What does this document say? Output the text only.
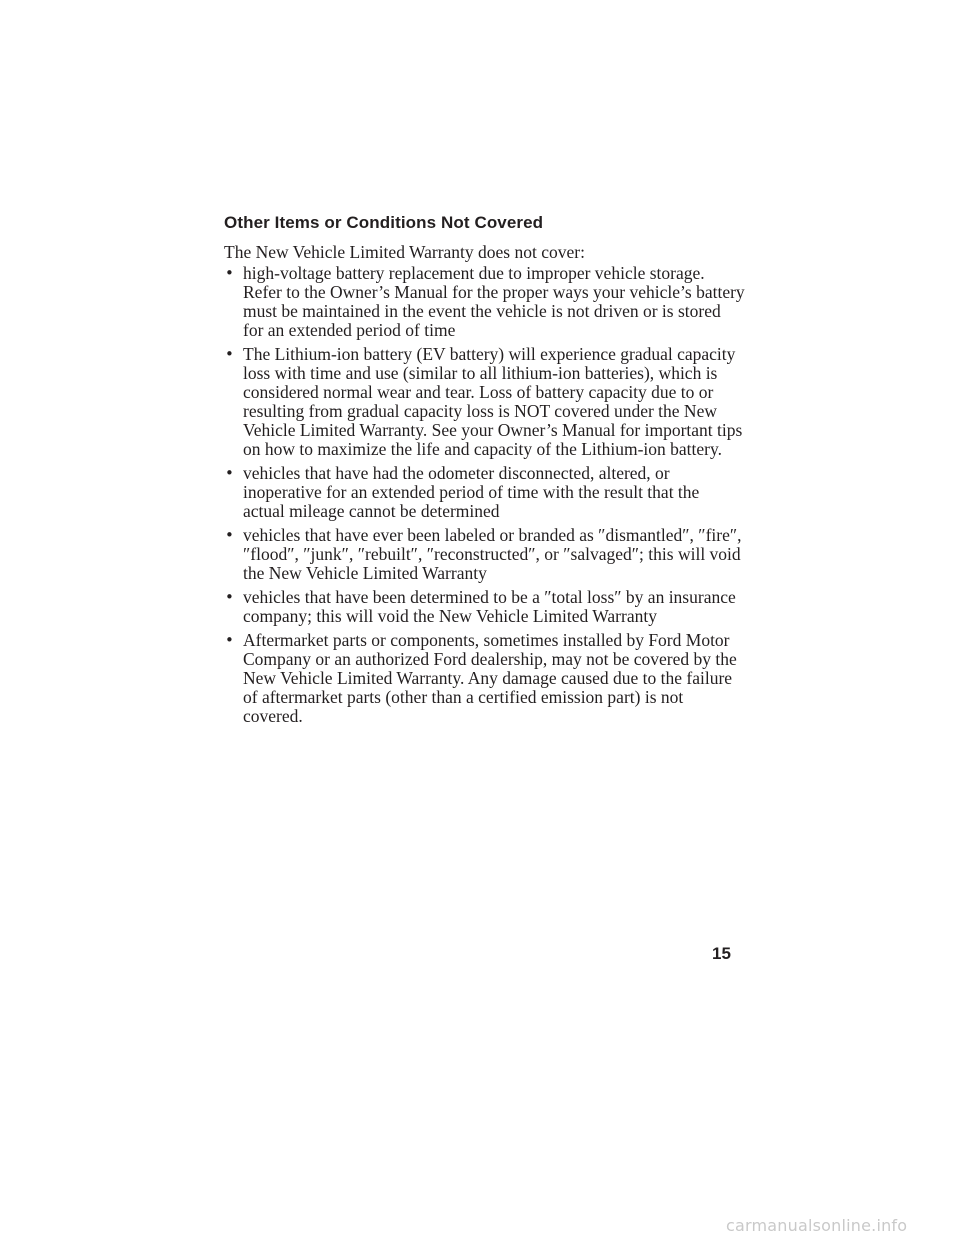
Other Items or Conditions Not Covered

The New Vehicle Limited Warranty does not cover:

• high-voltage battery replacement due to improper vehicle storage.
Refer to the Owner’s Manual for the proper ways your vehicle’s battery
must be maintained in the event the vehicle is not driven or is stored
for an extended period of time
• The Lithium-ion battery (EV battery) will experience gradual capacity
loss with time and use (similar to all lithium-ion batteries), which is
considered normal wear and tear. Loss of battery capacity due to or
resulting from gradual capacity loss is NOT covered under the New
Vehicle Limited Warranty. See your Owner’s Manual for important tips
on how to maximize the life and capacity of the Lithium-ion battery.
• vehicles that have had the odometer disconnected, altered, or
inoperative for an extended period of time with the result that the
actual mileage cannot be determined
• vehicles that have ever been labeled or branded as ″dismantled″, ″fire″,
″flood″, ″junk″, ″rebuilt″, ″reconstructed″, or ″salvaged″; this will void
the New Vehicle Limited Warranty
• vehicles that have been determined to be a ″total loss″ by an insurance
company; this will void the New Vehicle Limited Warranty
• Aftermarket parts or components, sometimes installed by Ford Motor
Company or an authorized Ford dealership, may not be covered by the
New Vehicle Limited Warranty. Any damage caused due to the failure
of aftermarket parts (other than a certified emission part) is not
covered.

15

carmanualsonline.info
